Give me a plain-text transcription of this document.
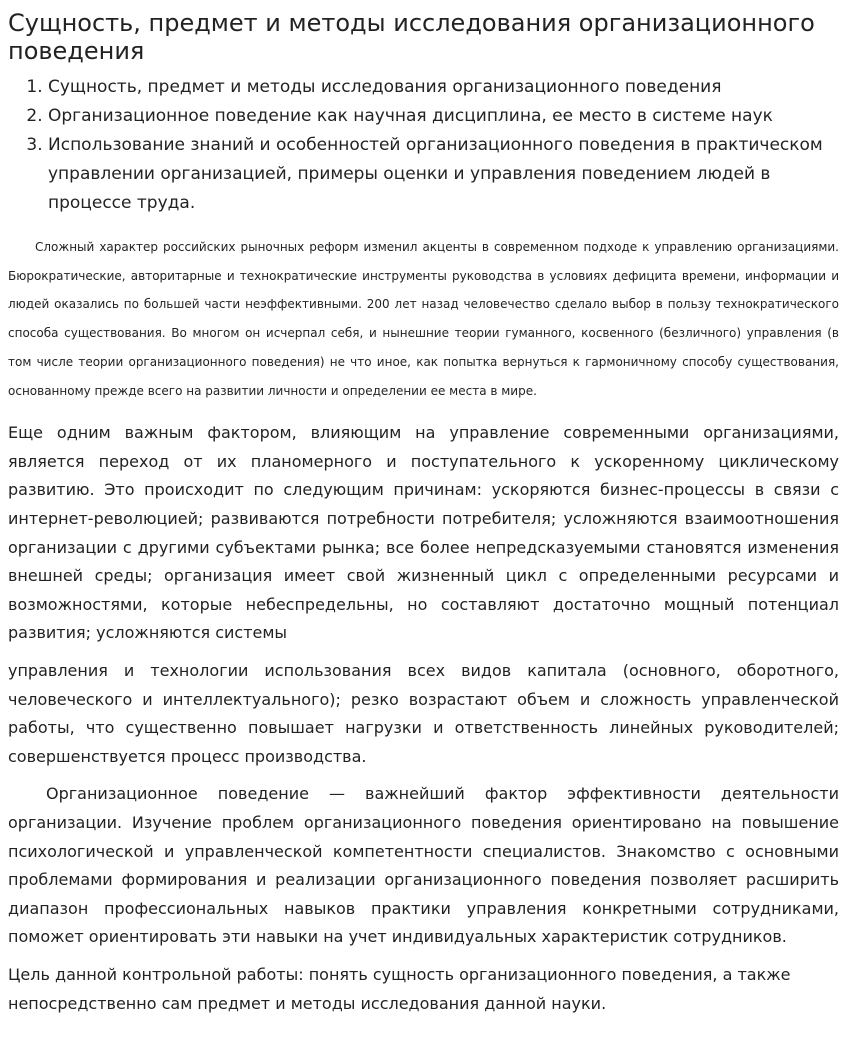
Сущность, предмет и методы исследования организационного поведения
1. Сущность, предмет и методы исследования организационного поведения
2. Организационное поведение как научная дисциплина, ее место в системе наук
3. Использование знаний и особенностей организационного поведения в практическом управлении организацией, примеры оценки и управления поведением людей в процессе труда.

Сложный характер российских рыночных реформ изменил акценты в современном подходе к управлению организациями. Бюрократические, авторитарные и технократические инструменты руководства в условиях дефицита времени, информации и людей оказались по большей части неэффективными. 200 лет назад человечество сделало выбор в пользу технократического способа существования. Во многом он исчерпал себя, и нынешние теории гуманного, косвенного (безличного) управления (в том числе теории организационного поведения) не что иное, как попытка вернуться к гармоничному способу существования, основанному прежде всего на развитии личности и определении ее места в мире.

Еще одним важным фактором, влияющим на управление современными организациями, является переход от их планомерного и поступательного к ускоренному циклическому развитию. Это происходит по следующим причинам: ускоряются бизнес-процессы в связи с интернет-революцией; развиваются потребности потребителя; усложняются взаимоотношения организации с другими субъектами рынка; все более непредсказуемыми становятся изменения внешней среды; организация имеет свой жизненный цикл с определенными ресурсами и возможностями, которые небеспредельны, но составляют достаточно мощный потенциал развития; усложняются системы

управления и технологии использования всех видов капитала (основного, оборотного, человеческого и интеллектуального); резко возрастают объем и сложность управленческой работы, что существенно повышает нагрузки и ответственность линейных руководителей; совершенствуется процесс производства.

Организационное поведение — важнейший фактор эффективности деятельности организации. Изучение проблем организационного поведения ориентировано на повышение психологической и управленческой компетентности специалистов. Знакомство с основными проблемами формирования и реализации организационного поведения позволяет расширить диапазон профессиональных навыков практики управления конкретными сотрудниками, поможет ориентировать эти навыки на учет индивидуальных характеристик сотрудников.

Цель данной контрольной работы: понять сущность организационного поведения, а также непосредственно сам предмет и методы исследования данной науки.
